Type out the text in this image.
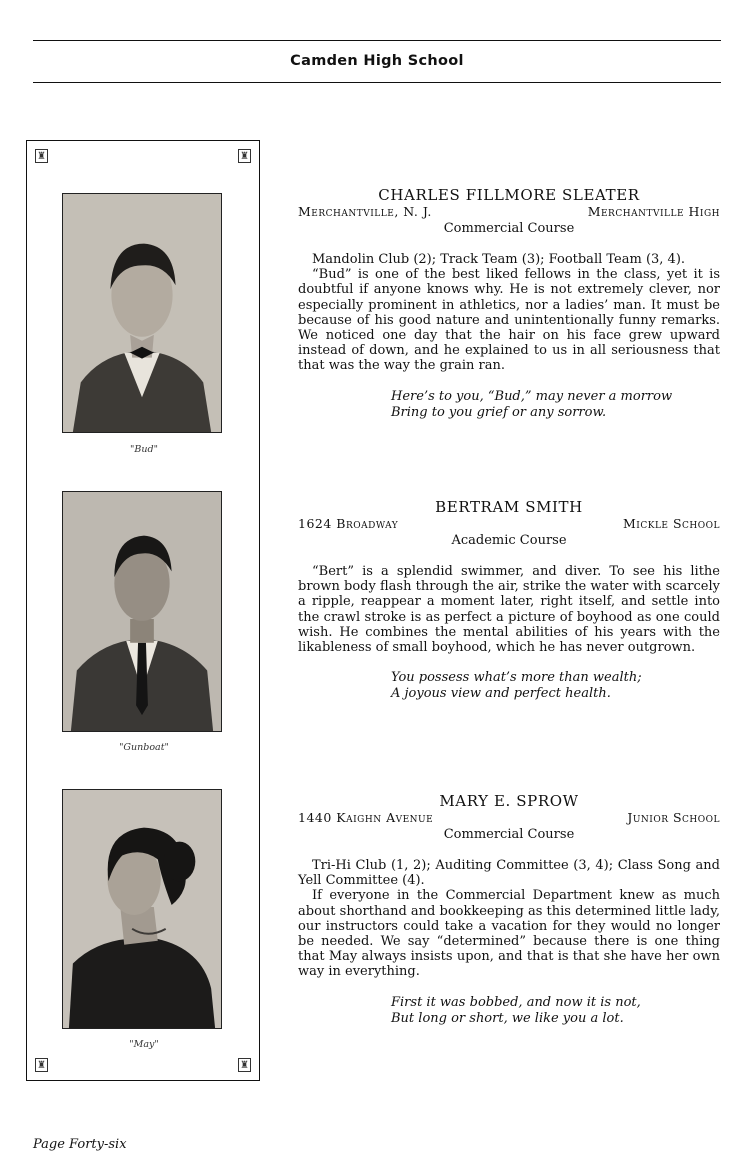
Camden High School
♜	♜
♜	♜
"Bud"
"Gunboat"
"May"
CHARLES FILLMORE SLEATER
Merchantville, N. J.	Merchantville High
Commercial Course

Mandolin Club (2); Track Team (3); Football Team (3, 4).

“Bud” is one of the best liked fellows in the class, yet it is doubtful if anyone knows why. He is not extremely clever, nor especially prominent in athletics, nor a ladies’ man. It must be because of his good nature and unintentionally funny remarks. We noticed one day that the hair on his face grew upward instead of down, and he explained to us in all seriousness that that was the way the grain ran.

Here’s to you, “Bud,” may never a morrow
Bring to you grief or any sorrow.
BERTRAM SMITH
1624 Broadway	Mickle School
Academic Course

“Bert” is a splendid swimmer, and diver. To see his lithe brown body flash through the air, strike the water with scarcely a ripple, reappear a moment later, right itself, and settle into the crawl stroke is as perfect a picture of boyhood as one could wish. He combines the mental abilities of his years with the likableness of small boyhood, which he has never outgrown.

You possess what’s more than wealth;
A joyous view and perfect health.
MARY E. SPROW
1440 Kaighn Avenue	Junior School
Commercial Course

Tri-Hi Club (1, 2); Auditing Committee (3, 4); Class Song and Yell Committee (4).

If everyone in the Commercial Department knew as much about shorthand and bookkeeping as this determined little lady, our instructors could take a vacation for they would no longer be needed. We say “determined” because there is one thing that May always insists upon, and that is that she have her own way in everything.

First it was bobbed, and now it is not,
But long or short, we like you a lot.
Page Forty-six
